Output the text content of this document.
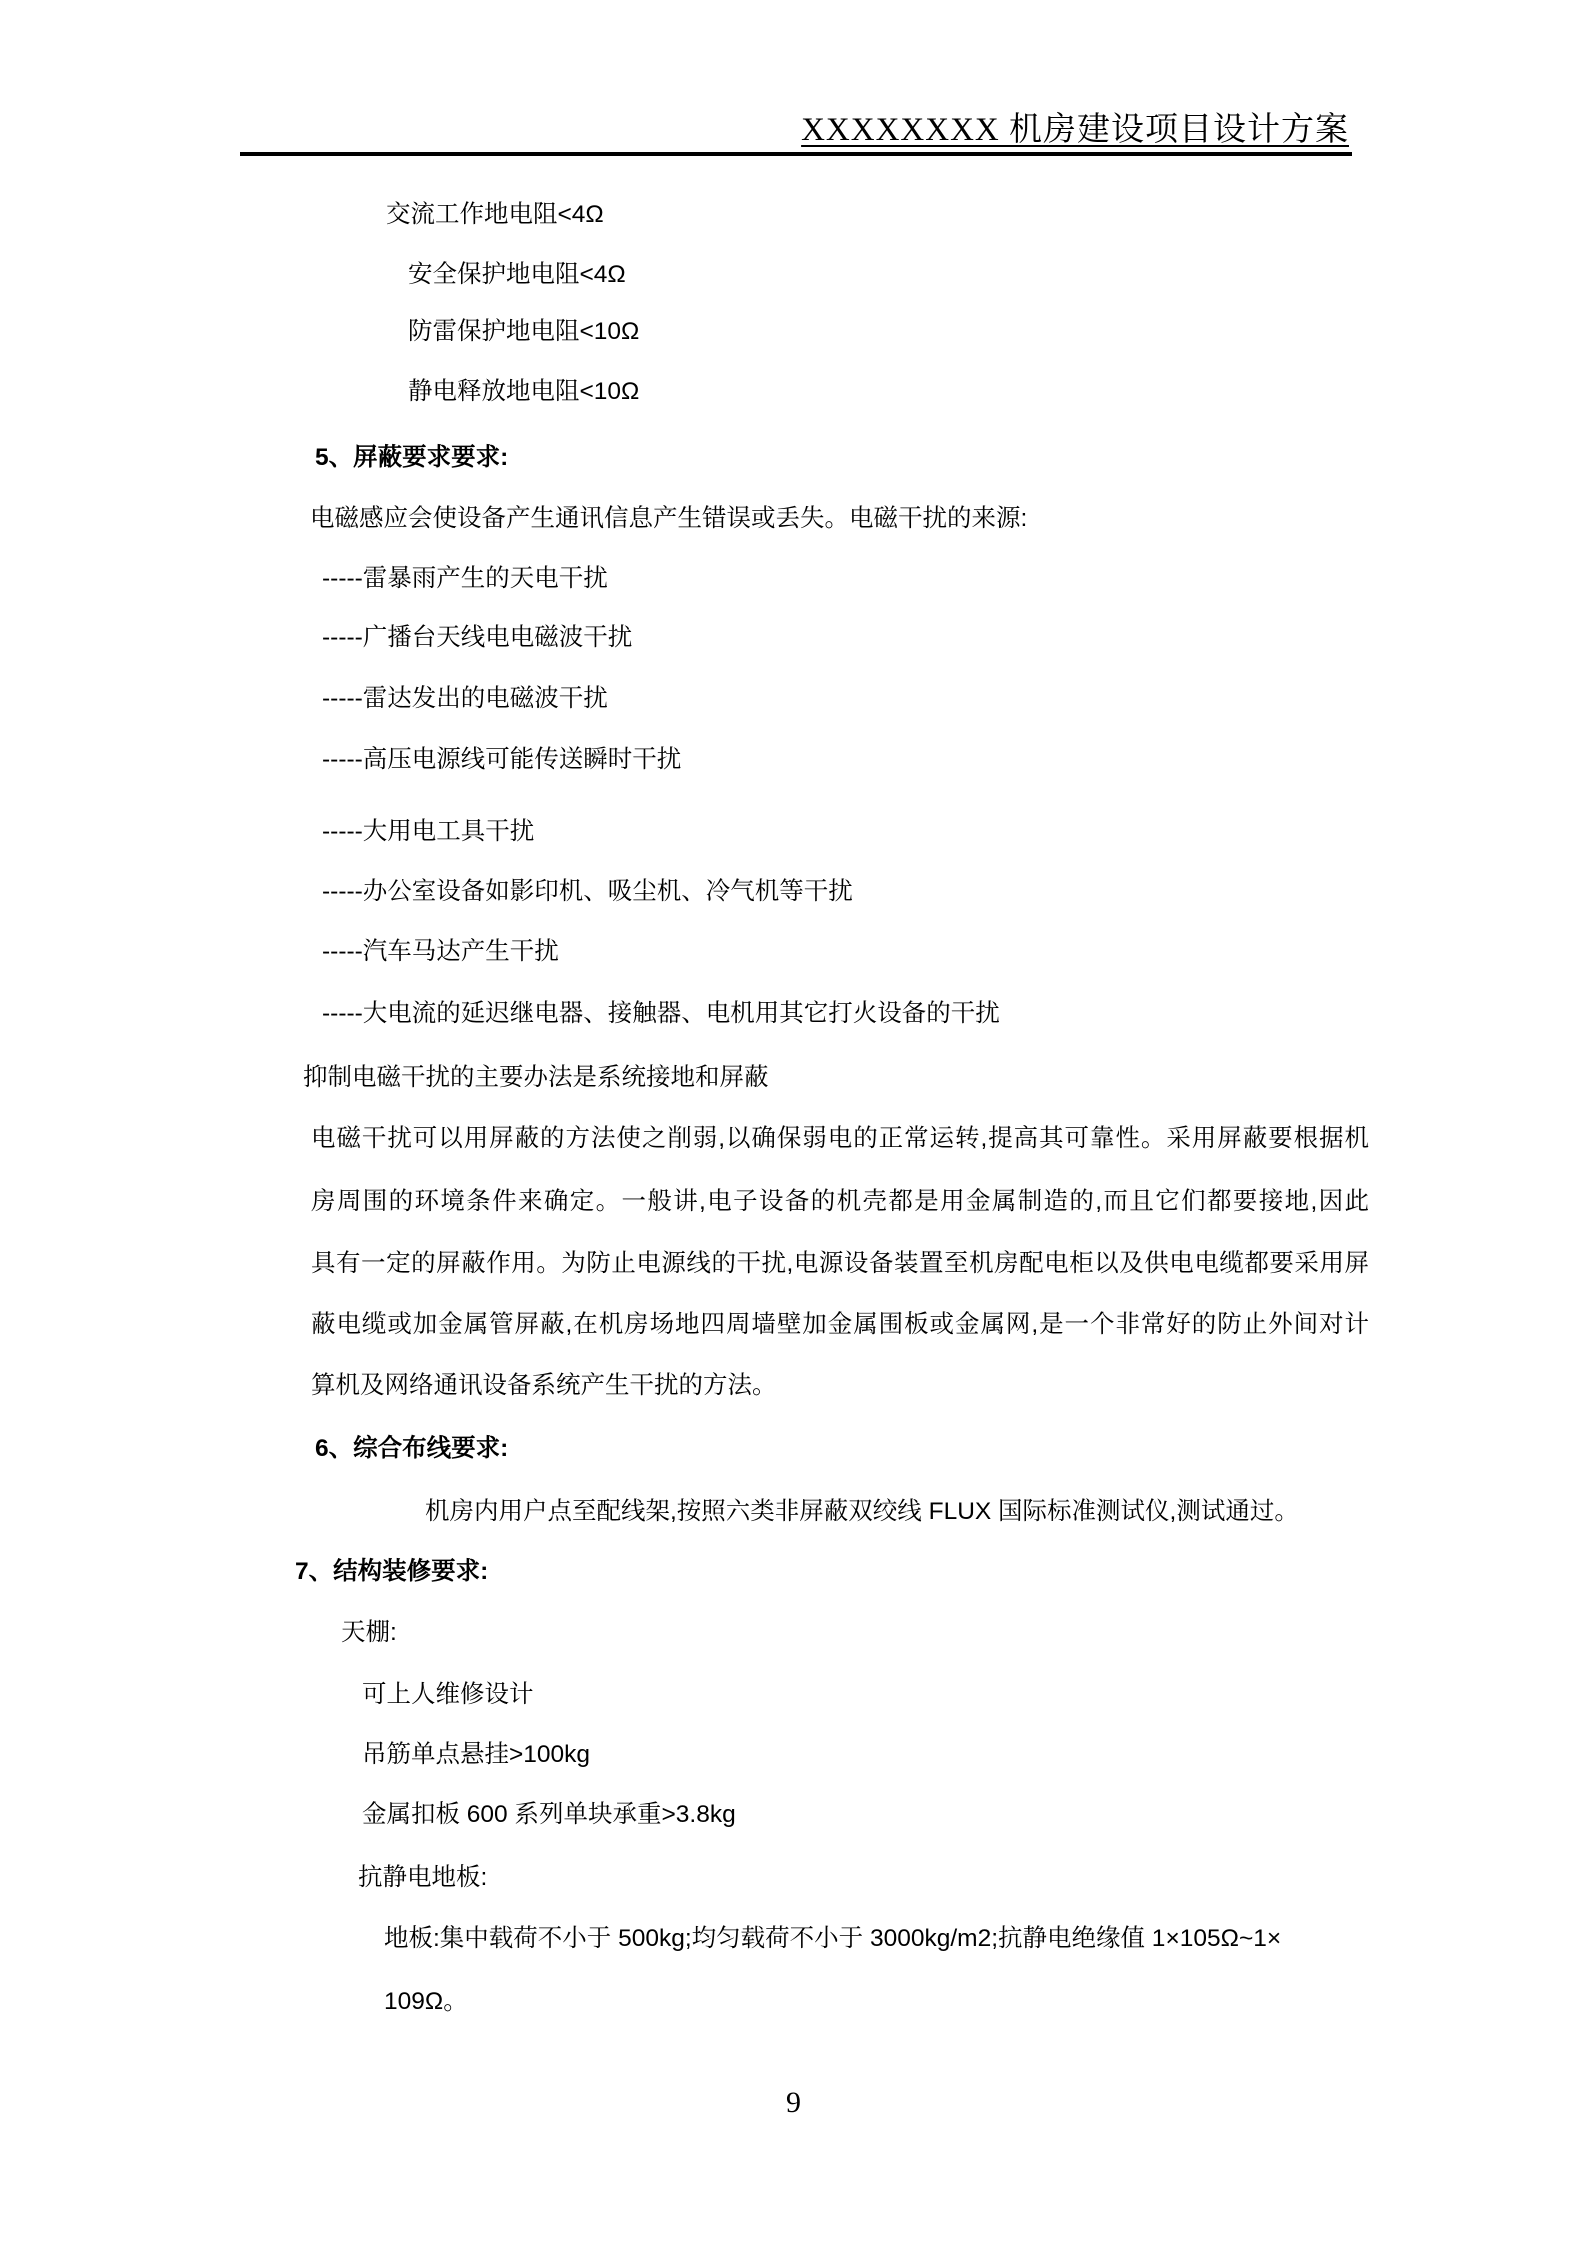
XXXXXXXX 机房建设项目设计方案
交流工作地电阻<4Ω
安全保护地电阻<4Ω
防雷保护地电阻<10Ω
静电释放地电阻<10Ω
5、屏蔽要求要求:
电磁感应会使设备产生通讯信息产生错误或丢失。电磁干扰的来源:
-----雷暴雨产生的天电干扰
-----广播台天线电电磁波干扰
-----雷达发出的电磁波干扰
-----高压电源线可能传送瞬时干扰
-----大用电工具干扰
-----办公室设备如影印机、吸尘机、冷气机等干扰
-----汽车马达产生干扰
-----大电流的延迟继电器、接触器、电机用其它打火设备的干扰
抑制电磁干扰的主要办法是系统接地和屏蔽
电磁干扰可以用屏蔽的方法使之削弱,以确保弱电的正常运转,提高其可靠性。采用屏蔽要根据机
房周围的环境条件来确定。一般讲,电子设备的机壳都是用金属制造的,而且它们都要接地,因此
具有一定的屏蔽作用。为防止电源线的干扰,电源设备装置至机房配电柜以及供电电缆都要采用屏
蔽电缆或加金属管屏蔽,在机房场地四周墙壁加金属围板或金属网,是一个非常好的防止外间对计
算机及网络通讯设备系统产生干扰的方法。
6、综合布线要求:
机房内用户点至配线架,按照六类非屏蔽双绞线 FLUX 国际标准测试仪,测试通过。
7、结构装修要求:
天棚:
可上人维修设计
吊筋单点悬挂>100kg
金属扣板 600 系列单块承重>3.8kg
抗静电地板:
地板:集中载荷不小于 500kg;均匀载荷不小于 3000kg/m2;抗静电绝缘值 1×105Ω~1×
109Ω。
9
